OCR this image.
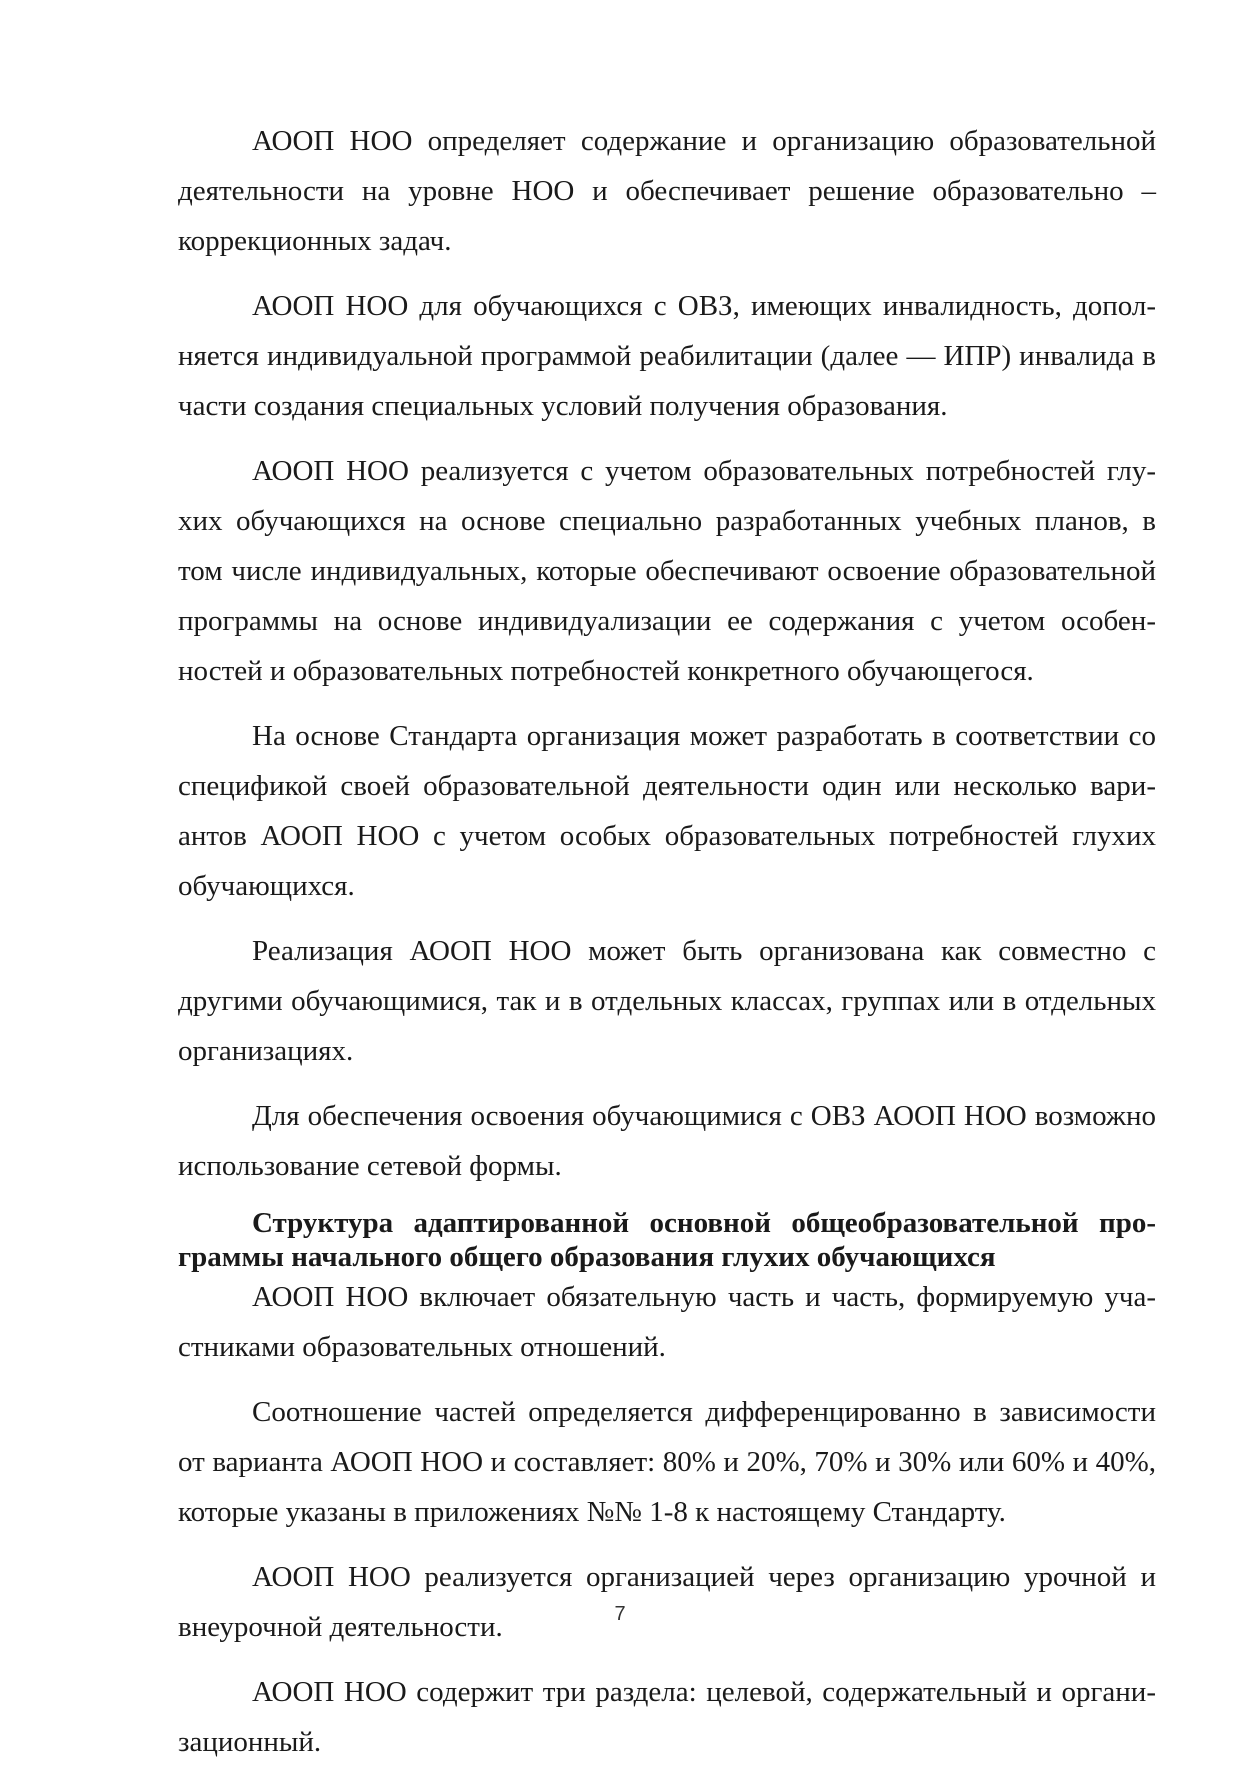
АООП НОО определяет содержание и организацию образовательной деятельности на уровне НОО и обеспечивает решение образовательно – коррекционных задач.

АООП НОО для обучающихся с ОВЗ, имеющих инвалидность, дополняется индивидуальной программой реабилитации (далее — ИПР) инвалида в части создания специальных условий получения образования.

АООП НОО реализуется с учетом образовательных потребностей глухих обучающихся на основе специально разработанных учебных планов, в том числе индивидуальных, которые обеспечивают освоение образовательной программы на основе индивидуализации ее содержания с учетом особенностей и образовательных потребностей конкретного обучающегося.

На основе Стандарта организация может разработать в соответствии со спецификой своей образовательной деятельности один или несколько вариантов АООП НОО с учетом особых образовательных потребностей глухих обучающихся.

Реализация АООП НОО может быть организована как совместно с другими обучающимися, так и в отдельных классах, группах или в отдельных организациях.

Для обеспечения освоения обучающимися с ОВЗ АООП НОО возможно использование сетевой формы.

Структура адаптированной основной общеобразовательной программы начального общего образования глухих обучающихся

АООП НОО включает обязательную часть и часть, формируемую участниками образовательных отношений.

Соотношение частей определяется дифференцированно в зависимости от варианта АООП НОО и составляет: 80% и 20%, 70% и 30% или 60% и 40%, которые указаны в приложениях №№ 1-8 к настоящему Стандарту.

АООП НОО реализуется организацией через организацию урочной и внеурочной деятельности.

АООП НОО содержит три раздела: целевой, содержательный и организационный.

7
